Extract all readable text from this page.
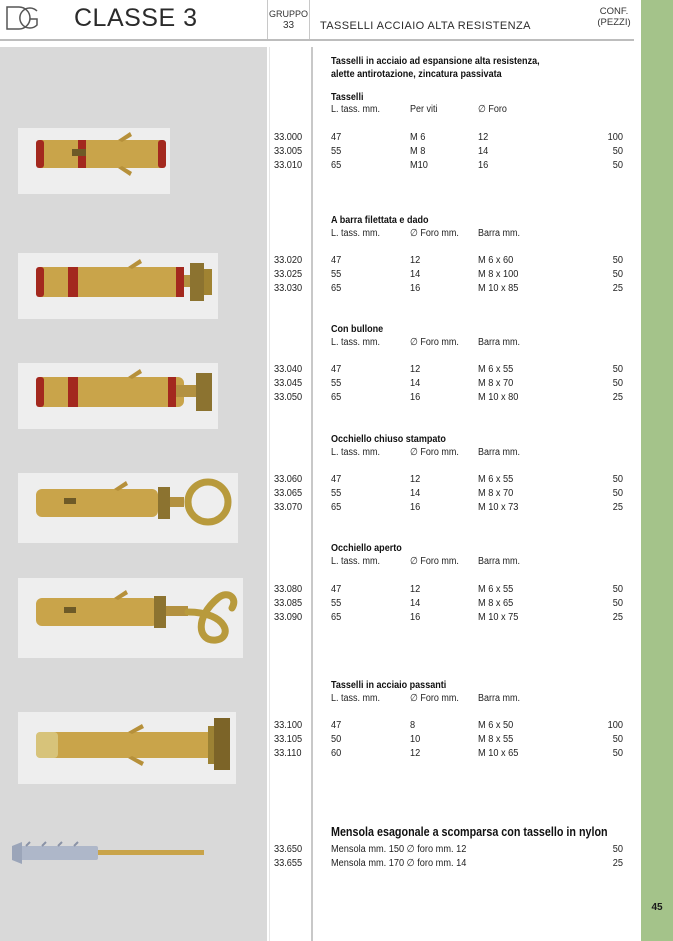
45
CLASSE 3	GRUPPO
33	TASSELLI ACCIAIO ALTA RESISTENZA
CONF.
(PEZZI)
Tasselli in acciaio ad espansione alta resistenza,
alette antirotazione, zincatura passivata
Tasselli
L. tass. mm.	Per viti	∅ Foro
33.000	47	M 6	12	100
33.005	55	M 8	14	50
33.010	65	M10	16	50
A barra filettata e dado
L. tass. mm.	∅ Foro mm. Barra mm.
33.020	47	12	M 6 x 60	50
33.025	55	14	M 8 x 100	50
33.030	65	16	M 10 x 85	25
Con bullone
L. tass. mm.	∅ Foro mm. Barra mm.
33.040	47	12	M 6 x 55	50
33.045	55	14	M 8 x 70	50
33.050	65	16	M 10 x 80	25
Occhiello chiuso stampato
L. tass. mm.	∅ Foro mm. Barra mm.
33.060	47	12	M 6 x 55	50
33.065	55	14	M 8 x 70	50
33.070	65	16	M 10 x 73	25
Occhiello aperto
L. tass. mm.	∅ Foro mm. Barra mm.
33.080	47	12	M 6 x 55	50
33.085	55	14	M 8 x 65	50
33.090	65	16	M 10 x 75	25
Tasselli in acciaio passanti
L. tass. mm.	∅ Foro mm. Barra mm.
33.100	47	8	M 6 x 50	100
33.105	50	10	M 8 x 55	50
33.110	60	12	M 10 x 65	50
Mensola esagonale a scomparsa con tassello in nylon
33.650	Mensola mm. 150 ∅ foro mm. 12	50
33.655	Mensola mm. 170 ∅ foro mm. 14	25
